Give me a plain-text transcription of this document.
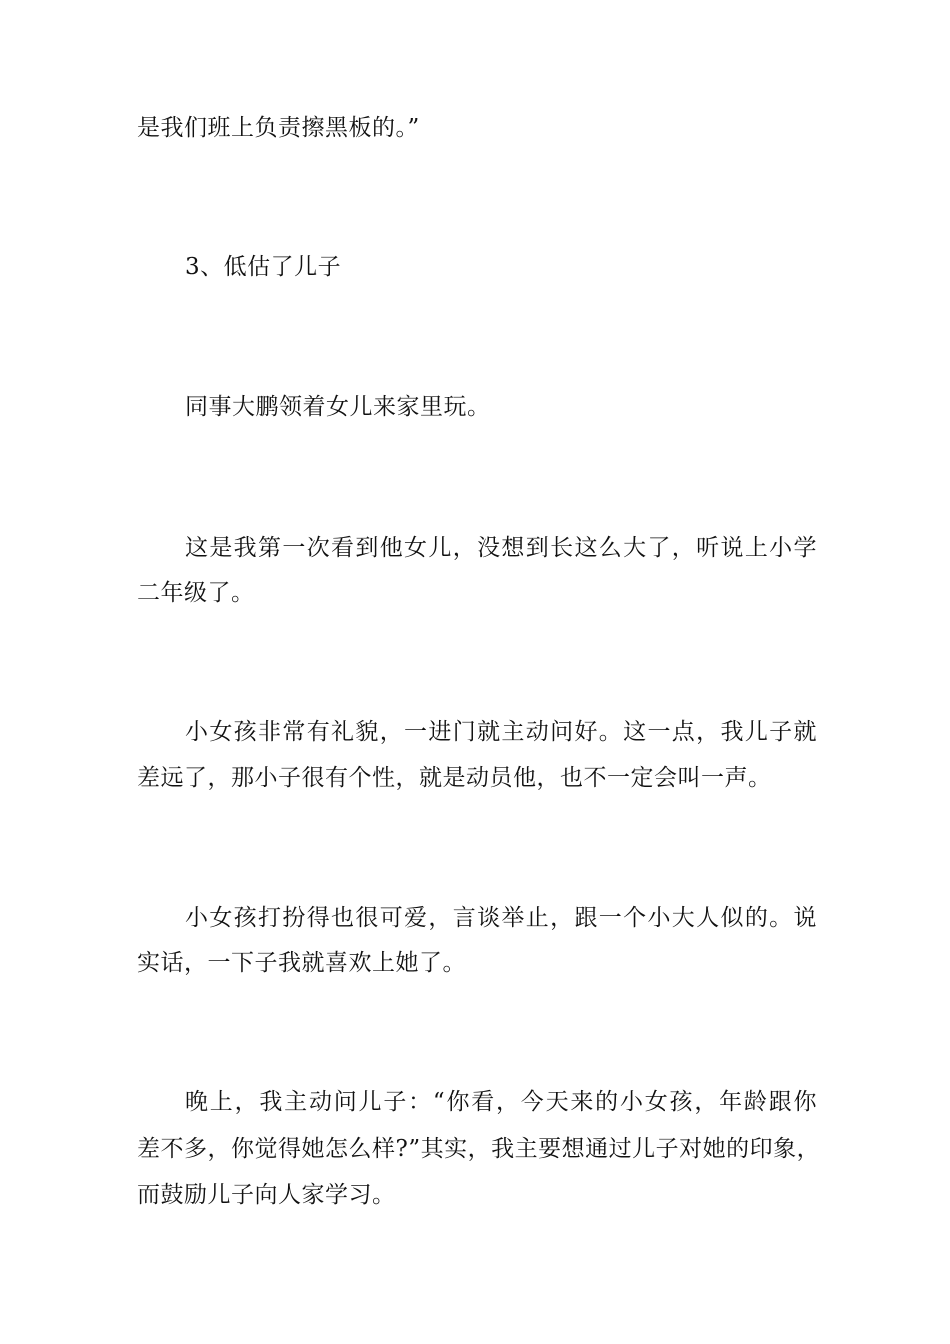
是我们班上负责擦黑板的。”
3、低估了儿子
同事大鹏领着女儿来家里玩。
这是我第一次看到他女儿，没想到长这么大了，听说上小学
二年级了。
小女孩非常有礼貌，一进门就主动问好。这一点，我儿子就
差远了，那小子很有个性，就是动员他，也不一定会叫一声。
小女孩打扮得也很可爱，言谈举止，跟一个小大人似的。说
实话，一下子我就喜欢上她了。
晚上，我主动问儿子：“你看，今天来的小女孩，年龄跟你
差不多，你觉得她怎么样?”其实，我主要想通过儿子对她的印象，
而鼓励儿子向人家学习。
